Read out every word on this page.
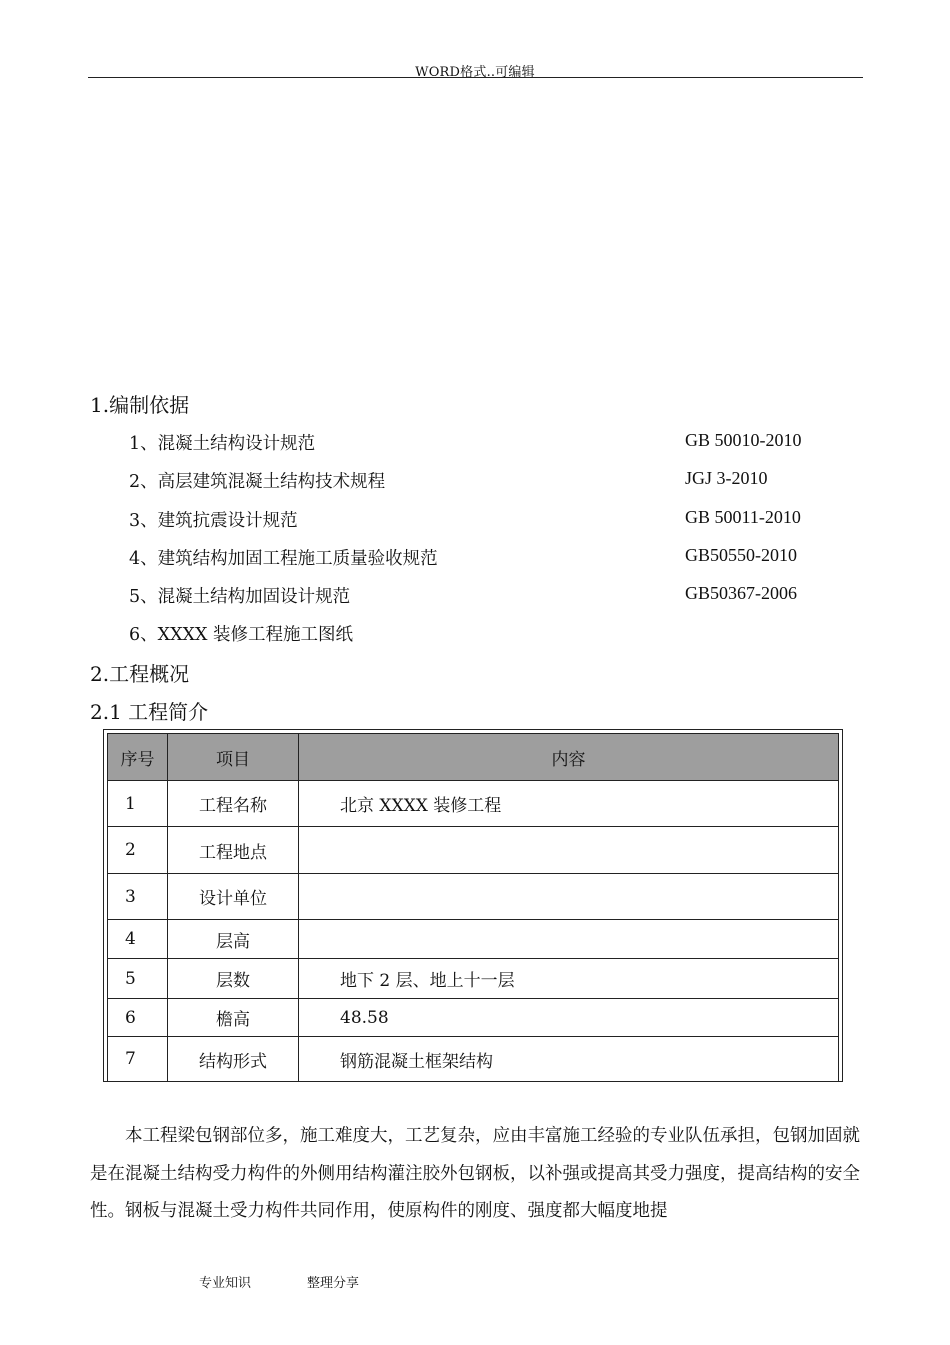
WORD格式..可编辑
1.编制依据
1、混凝土结构设计规范	GB 50010-2010
2、高层建筑混凝土结构技术规程	JGJ 3-2010
3、建筑抗震设计规范	GB 50011-2010
4、建筑结构加固工程施工质量验收规范	GB50550-2010
5、混凝土结构加固设计规范	GB50367-2006
6、XXXX 装修工程施工图纸
2.工程概况
2.1 工程简介
序号	项目	内容
1	工程名称	北京 XXXX 装修工程
2	工程地点	
3	设计单位	
4	层高	
5	层数	地下 2 层、地上十一层
6	檐高	48.58
7	结构形式	钢筋混凝土框架结构
本工程梁包钢部位多，施工难度大，工艺复杂，应由丰富施工经验的专业队伍承担，包钢加固就是在混凝土结构受力构件的外侧用结构灌注胶外包钢板，以补强或提高其受力强度，提高结构的安全性。钢板与混凝土受力构件共同作用，使原构件的刚度、强度都大幅度地提
专业知识	整理分享
